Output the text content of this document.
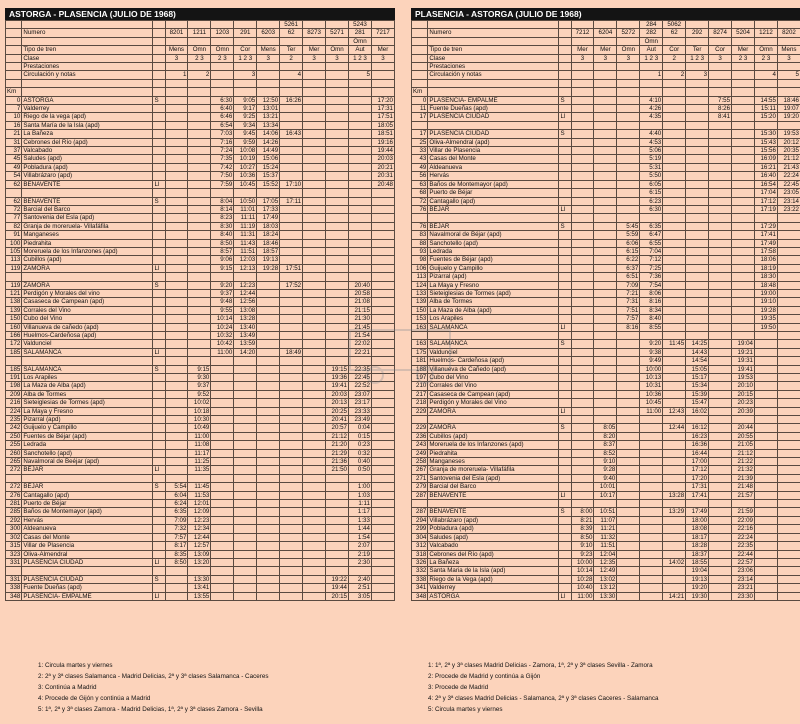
ASTORGA - PLASENCIA (JULIO DE 1968)
								5261			5243	
	Numero		8201	1211	1203	291	6203	62	8273	5271	281	7217
											Omn	
	Tipo de tren		Mens	Omn	Omn	Cor	Mens	Ter	Mer	Omn	Aut	Mer
	Clase		3	2 3	2 3	1 2 3	3	2	3	3	1 2 3	3
	Prestaciones											
	Circulación y notas		1	2		3		4			5	

Km												
0	ASTORGA	S			6:30	9:05	12:50	16:26				17:20
7	Valderrey				6:40	9:17	13:01					17:31
10	Riego de la vega (apd)				6:46	9:25	13:21					17:51
16	Santa María de la Isla (apd)				6:54	9:34	13:34					18:05
21	La Bañeza				7:03	9:45	14:06	16:43				18:51
31	Cebrones del Río (apd)				7:16	9:59	14:26					19:16
37	Valcabado				7:24	10:08	14:49					19:44
45	Saludes (apd)				7:35	10:19	15:06					20:03
49	Pobladura (apd)				7:42	10:27	15:24					20:21
54	Villabrázaro (apd)				7:50	10:36	15:37					20:31
62	BENAVENTE	Ll			7:59	10:45	15:52	17:10				20:48

62	BENAVENTE	S			8:04	10:50	17:05	17:11				
72	Barcial del Barco				8:14	11:01	17:33					
77	Santovenia del Esla (apd)				8:23	11:11	17:49					
82	Granja de moreruela- Villafáfila				8:30	11:19	18:03					
91	Manganeses				8:40	11:31	18:24					
100	Piedrahita				8:50	11:43	18:46					
105	Moreruela de los Infanzones (apd)				8:57	11:51	18:57					
113	Cubillos (apd)				9:06	12:03	19:13					
119	ZAMORA	Ll			9:15	12:13	19:28	17:51				

119	ZAMORA	S			9:20	12:23		17:52			20:40	
121	Perdigón y Morales del vino				9:37	12:44					20:58	
138	Casaseca de Campean (apd)				9:48	12:56					21:08	
139	Corrales del Vino				9:55	13:08					21:15	
150	Cubo del Vino				10:14	13:28					21:30	
160	Villanueva de cañedo (apd)				10:24	13:40					21:45	
166	Huelmos-Cardeñosa (apd)				10:32	13:49					21:54	
172	Valdunciel				10:42	13:59					22:02	
185	SALAMANCA	Ll			11:00	14:20		18:49			22:21	

185	SALAMANCA	S		9:15						19:15	22:35	
191	Los Arapiles			9:30						19:36	22:45	
198	La Maza de Alba (apd)			9:37						19:41	22:52	
209	Alba de Tormes			9:52						20:03	23:07	
216	Sieteiglesias de Tormes (apd)			10:02						20:13	23:17	
224	La Maya y Fresno			10:18						20:25	23:33	
235	Pizarral (apd)			10:30						20:41	23:49	
242	Guijuelo y Campillo			10:49						20:57	0:04	
250	Fuentes de Béjar (apd)			11:00						21:12	0:15	
255	Ledrada			11:08						21:20	0:23	
260	Sanchotello (apd)			11:17						21:29	0:32	
265	Navalmoral de Beéjar (apd)			11:25						21:36	0:40	
272	BÉJAR	Ll		11:35						21:50	0:50	

272	BÉJAR	S	5:54	11:45							1:00	
276	Cantagallo (apd)		6:04	11:53							1:03	
281	Puerto de Béjar		6:24	12:01							1:11	
285	Baños de Montemayor (apd)		6:35	12:09							1:17	
292	Hervás		7:09	12:23							1:33	
300	Aldeanueva		7:32	12:34							1:44	
302	Casas del Monte		7:57	12:44							1:54	
315	Villar de Plasencia		8:17	12:57							2:07	
323	Oliva-Almendral		8:35	13:09							2:19	
331	PLASENCIA CIUDAD	Ll	8:50	13:20							2:30	

331	PLASENCIA CIUDAD	S		13:30						19:22	2:40	
338	Fuente Dueñas (apd)			13:41						19:44	2:51	
348	PLASENCIA- EMPALME	Ll		13:55						20:15	3:05	
PLASENCIA - ASTORGA (JULIO DE 1968)
						284	5062					
	Numero		7212	6204	5272	282	62	292	8274	5204	1212	8202
						Omn						
	Tipo de tren		Mer	Mer	Omn	Aut	Cor	Ter	Cor	Mer	Omn	Mens
	Clase		3	3	3	1 2 3	2	1 2 3	3	2 3	2 3	3
	Prestaciones											
	Circulación y notas					1	2	3			4	5

Km												
0	PLASENCIA- EMPALME	S				4:10			7:55		14:55	18:46
11	Fuente Dueñas (apd)					4:26			8:26		15:11	19:07
17	PLASENCIA CIUDAD	Ll				4:35			8:41		15:20	19:20

17	PLASENCIA CIUDAD	S				4:40					15:30	19:53
25	Oliva-Almendral (apd)					4:53					15:43	20:12
33	Villar de Plasencia					5:06					15:56	20:35
43	Casas del Monte					5:19					16:09	21:12
49	Aldeanueva					5:31					16:21	21:43
56	Hervás					5:50					16:40	22:24
63	Baños de Montemayor (apd)					6:05					16:54	22:45
68	Puerto de Béjar					6:15					17:04	23:05
72	Cantagallo (apd)					6:23					17:12	23:14
76	BÉJAR	Ll				6:30					17:19	23:22

76	BÉJAR	S			5:45	6:35					17:29	
83	Navalmoral de Béjar (apd)				5:59	6:47					17:41	
88	Sanchotello (apd)				6:06	6:55					17:49	
93	Ledrada				6:15	7:04					17:58	
98	Fuentes de Béjar (apd)				6:22	7:12					18:06	
106	Guijuelo y Campillo				6:37	7:25					18:19	
113	Pizarral (apd)				6:51	7:36					18:30	
124	La Maya y Fresno				7:09	7:54					18:48	
133	Sieteiglesias de Tormes (apd)				7:21	8:06					19:00	
139	Alba de Tormes				7:31	8:16					19:10	
150	La Maza de Alba (apd)				7:51	8:34					19:28	
153	Los Arapiles				7:57	8:40					19:35	
163	SALAMANCA	Ll			8:16	8:55					19:50	

163	SALAMANCA	S				9:20	11:45	14:25		19:04		
175	Valdunciel					9:38		14:43		19:21		
181	Huelmos- Cardeñosa (apd)					9:49		14:54		19:31		
188	Villanueva de Cañedo (apd)					10:00		15:05		19:41		
197	Cubo del Vino					10:13		15:17		19:53		
210	Corrales del Vino					10:31		15:34		20:10		
217	Casaseca de Campean (apd)					10:36		15:39		20:15		
218	Perdigón y Morales del Vino					10:45		15:47		20:23		
229	ZAMORA	Ll				11:00	12:43	16:02		20:39		

229	ZAMORA	S		8:05			12:44	16:12		20:44		
236	Cubillos (apd)			8:20				16:23		20:55		
243	Moreruela de los Infanzones (apd)			8:37				16:36		21:05		
249	Piedrahita			8:52				16:44		21:12		
258	Manganeses			9:10				17:00		21:22		
267	Granja de moreruela- Villafáfila			9:28				17:12		21:32		
271	Santovenia del Esla (apd)			9:40				17:20		21:39		
279	Barcial del Barco			10:01				17:31		21:48		
287	BENAVENTE	Ll		10:17			13:28	17:41		21:57		

287	BENAVENTE	S	8:00	10:51			13:29	17:49		21:59		
294	Villabrázaro (apd)		8:21	11:07				18:00		22:09		
299	Pobladura (apd)		8:39	11:21				18:08		22:16		
304	Saludes (apd)		8:50	11:32				18:17		22:24		
312	Valcabado		9:10	11:51				18:28		22:35		
318	Cebrones del Río (apd)		9:23	12:04				18:37		22:44		
326	La Bañeza		10:00	12:35			14:02	18:55		22:57		
332	Santa Maria de la Isla (apd)		10:14	12:49				19:04		23:06		
338	Riego de la Vega (apd)		10:28	13:02				19:13		23:14		
341	Valderrey		10:40	13:12				19:20		23:21		
348	ASTORGA	Ll	11:00	13:30			14:21	19:30		23:30		
1: Circula martes y viernes
2: 2ª y 3ª clases Salamanca - Madrid Delicias, 2ª y 3ª clases Salamanca - Caceres
3: Continúa a Madrid
4: Procede de Gijón y continúa a Madrid
5: 1ª, 2ª y 3ª clases Zamora - Madrid Delicias, 1ª, 2ª y 3ª clases Zamora - Sevilla
1: 1ª, 2ª y 3ª clases Madrid Delicias - Zamora, 1ª, 2ª y 3ª clases Sevilla - Zamora
2: Procede de Madrid y continúa a Gijón
3: Procede de Madrid
4: 2ª y 3ª clases Madrid Delicias - Salamanca, 2ª y 3ª clases Caceres - Salamanca
5: Circula martes y viernes
